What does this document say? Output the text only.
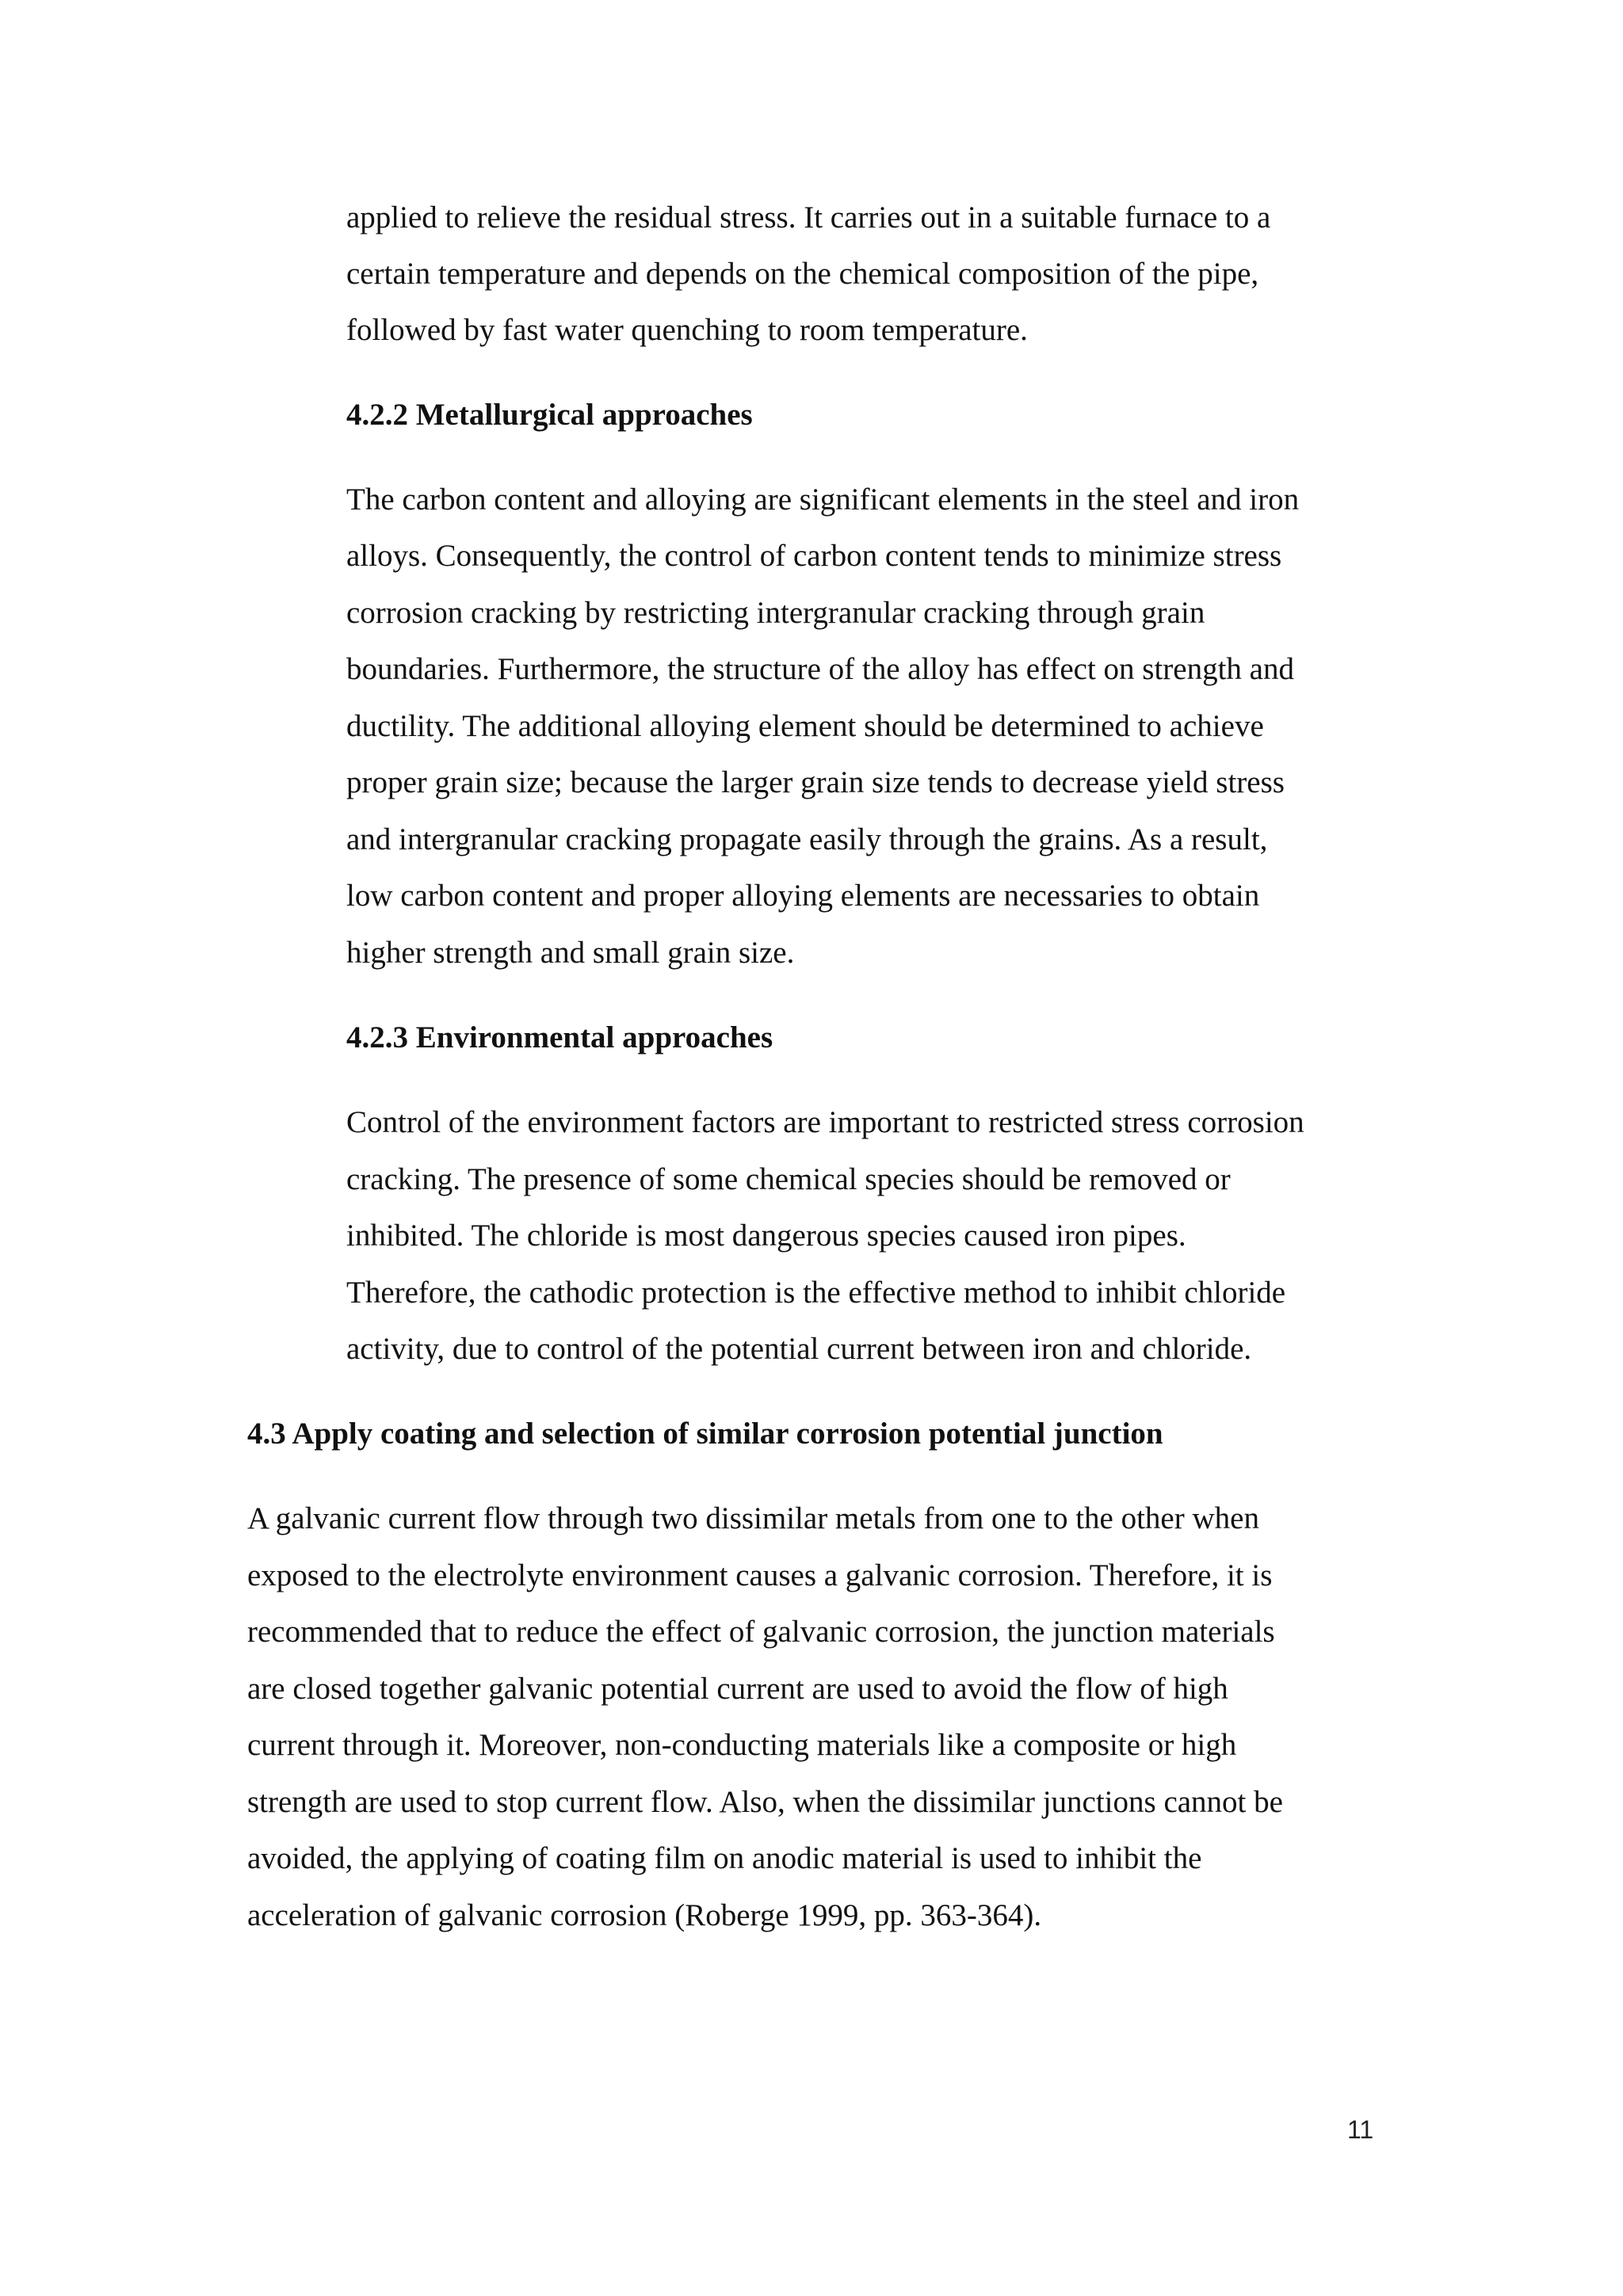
applied to relieve the residual stress. It carries out in a suitable furnace to a

certain temperature and depends on the chemical composition of the pipe,

followed by fast water quenching to room temperature.

4.2.2 Metallurgical approaches

The carbon content and alloying are significant elements in the steel and iron

alloys. Consequently, the control of carbon content tends to minimize stress

corrosion cracking by restricting intergranular cracking through grain

boundaries. Furthermore, the structure of the alloy has effect on strength and

ductility. The additional alloying element should be determined to achieve

proper grain size; because the larger grain size tends to decrease yield stress

and intergranular cracking propagate easily through the grains. As a result,

low carbon content and proper alloying elements are necessaries to obtain

higher strength and small grain size.

4.2.3 Environmental approaches

Control of the environment factors are important to restricted stress corrosion

cracking. The presence of some chemical species should be removed or

inhibited. The chloride is most dangerous species caused iron pipes.

Therefore, the cathodic protection is the effective method to inhibit chloride

activity, due to control of the potential current between iron and chloride.

4.3 Apply coating and selection of similar corrosion potential junction

A galvanic current flow through two dissimilar metals from one to the other when

exposed to the electrolyte environment causes a galvanic corrosion. Therefore, it is

recommended that to reduce the effect of galvanic corrosion, the junction materials

are closed together galvanic potential current are used to avoid the flow of high

current through it. Moreover, non-conducting materials like a composite or high

strength are used to stop current flow. Also, when the dissimilar junctions cannot be

avoided, the applying of coating film on anodic material is used to inhibit the

acceleration of galvanic corrosion (Roberge 1999, pp. 363-364).

11
